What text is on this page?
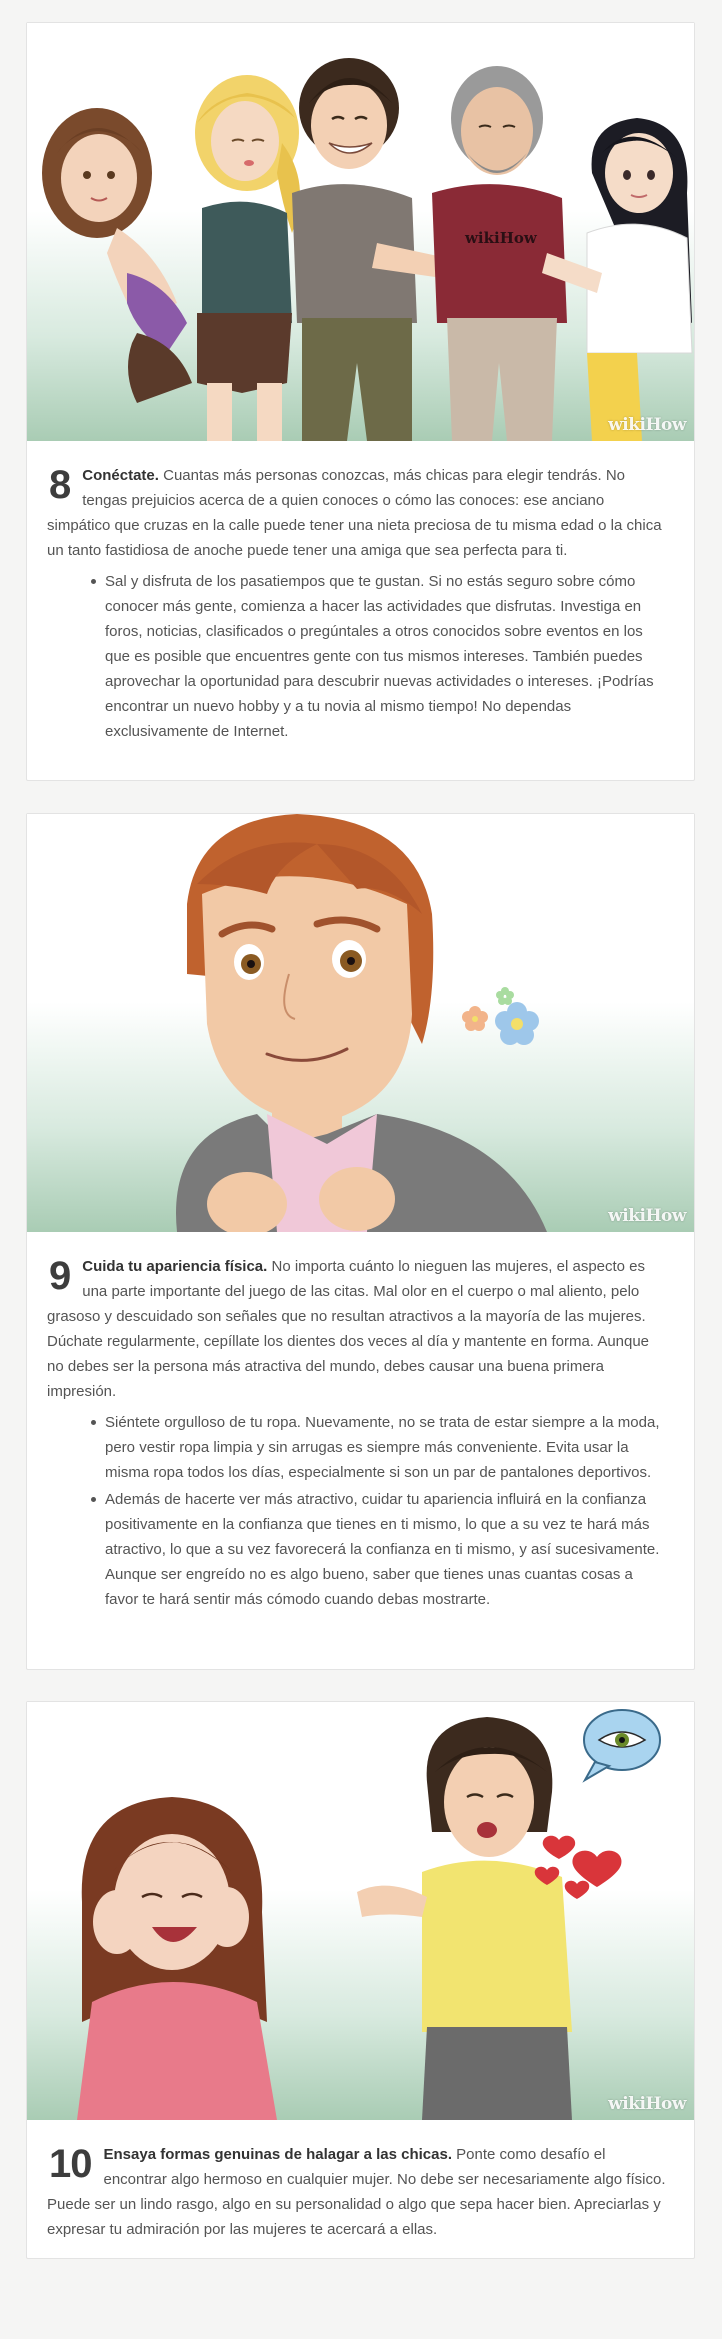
wikiHow
wikiHow
8 Conéctate. Cuantas más personas conozcas, más chicas para elegir tendrás. No tengas prejuicios acerca de a quien conoces o cómo las conoces: ese anciano simpático que cruzas en la calle puede tener una nieta preciosa de tu misma edad o la chica un tanto fastidiosa de anoche puede tener una amiga que sea perfecta para ti.
Sal y disfruta de los pasatiempos que te gustan. Si no estás seguro sobre cómo conocer más gente, comienza a hacer las actividades que disfrutas. Investiga en foros, noticias, clasificados o pregúntales a otros conocidos sobre eventos en los que es posible que encuentres gente con tus mismos intereses. También puedes aprovechar la oportunidad para descubrir nuevas actividades o intereses. ¡Podrías encontrar un nuevo hobby y a tu novia al mismo tiempo! No dependas exclusivamente de Internet.
wikiHow
9 Cuida tu apariencia física. No importa cuánto lo nieguen las mujeres, el aspecto es una parte importante del juego de las citas. Mal olor en el cuerpo o mal aliento, pelo grasoso y descuidado son señales que no resultan atractivos a la mayoría de las mujeres. Dúchate regularmente, cepíllate los dientes dos veces al día y mantente en forma. Aunque no debes ser la persona más atractiva del mundo, debes causar una buena primera impresión.
Siéntete orgulloso de tu ropa. Nuevamente, no se trata de estar siempre a la moda, pero vestir ropa limpia y sin arrugas es siempre más conveniente. Evita usar la misma ropa todos los días, especialmente si son un par de pantalones deportivos.
Además de hacerte ver más atractivo, cuidar tu apariencia influirá en la confianza positivamente en la confianza que tienes en ti mismo, lo que a su vez te hará más atractivo, lo que a su vez favorecerá la confianza en ti mismo, y así sucesivamente. Aunque ser engreído no es algo bueno, saber que tienes unas cuantas cosas a favor te hará sentir más cómodo cuando debas mostrarte.
wikiHow
10 Ensaya formas genuinas de halagar a las chicas. Ponte como desafío el encontrar algo hermoso en cualquier mujer. No debe ser necesariamente algo físico. Puede ser un lindo rasgo, algo en su personalidad o algo que sepa hacer bien. Apreciarlas y expresar tu admiración por las mujeres te acercará a ellas.
